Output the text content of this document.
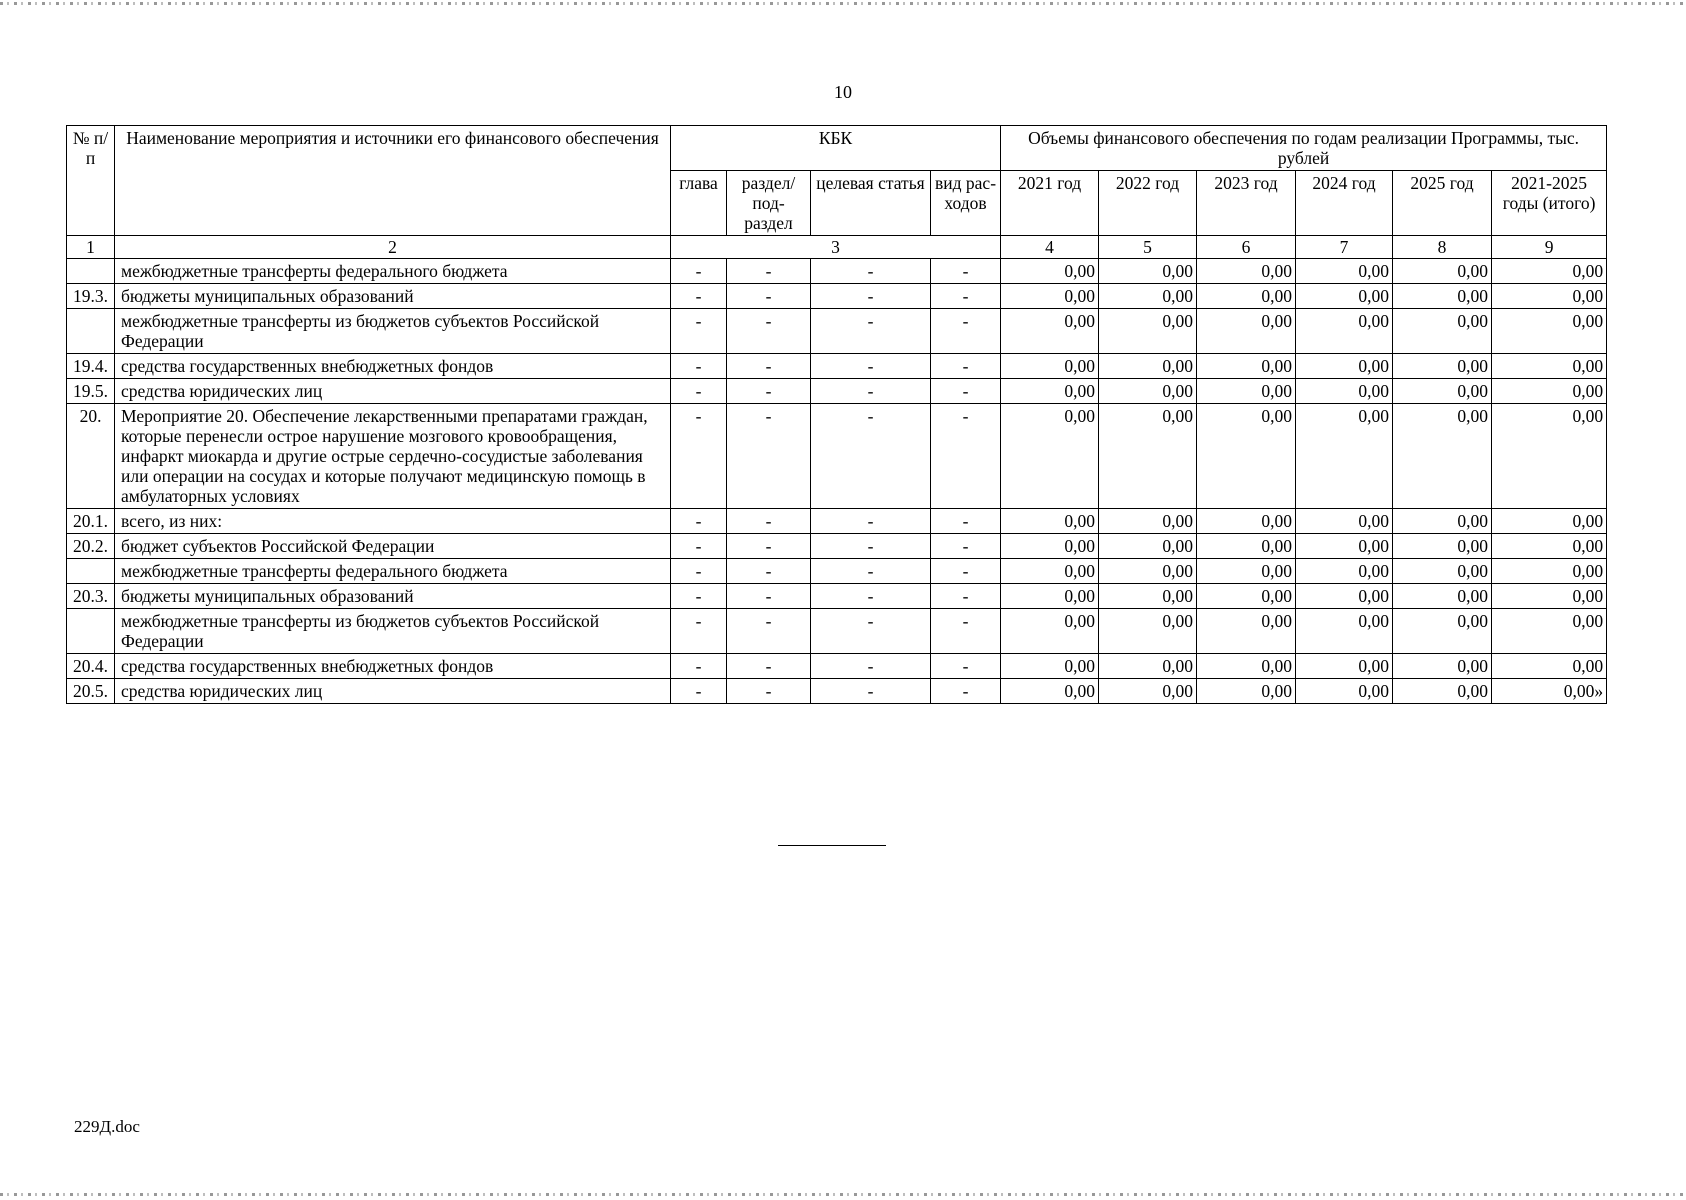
10
№ п/п	Наименование мероприятия и источники его финансового обеспечения	КБК				Объемы финансового обеспечения по годам реализации Программы, тыс. рублей					
		глава	раздел/ под- раздел	целевая статья	вид рас- ходов	2021 год	2022 год	2023 год	2024 год	2025 год	2021-2025 годы (итого)
1	2	3				4	5	6	7	8	9
	межбюджетные трансферты федерального бюджета	-	-	-	-	0,00	0,00	0,00	0,00	0,00	0,00
19.3.	бюджеты муниципальных образований	-	-	-	-	0,00	0,00	0,00	0,00	0,00	0,00
	межбюджетные трансферты из бюджетов субъектов Российской Федерации	-	-	-	-	0,00	0,00	0,00	0,00	0,00	0,00
19.4.	средства государственных внебюджетных фондов	-	-	-	-	0,00	0,00	0,00	0,00	0,00	0,00
19.5.	средства юридических лиц	-	-	-	-	0,00	0,00	0,00	0,00	0,00	0,00
20.	Мероприятие 20. Обеспечение лекарственными препаратами граждан, которые перенесли острое нарушение мозгового кровообращения, инфаркт миокарда и другие острые сердечно-сосудистые заболевания или операции на сосудах и которые получают медицинскую помощь в амбулаторных условиях	-	-	-	-	0,00	0,00	0,00	0,00	0,00	0,00
20.1.	всего, из них:	-	-	-	-	0,00	0,00	0,00	0,00	0,00	0,00
20.2.	бюджет субъектов Российской Федерации	-	-	-	-	0,00	0,00	0,00	0,00	0,00	0,00
	межбюджетные трансферты федерального бюджета	-	-	-	-	0,00	0,00	0,00	0,00	0,00	0,00
20.3.	бюджеты муниципальных образований	-	-	-	-	0,00	0,00	0,00	0,00	0,00	0,00
	межбюджетные трансферты из бюджетов субъектов Российской Федерации	-	-	-	-	0,00	0,00	0,00	0,00	0,00	0,00
20.4.	средства государственных внебюджетных фондов	-	-	-	-	0,00	0,00	0,00	0,00	0,00	0,00
20.5.	средства юридических лиц	-	-	-	-	0,00	0,00	0,00	0,00	0,00	0,00»
229Д.doc
